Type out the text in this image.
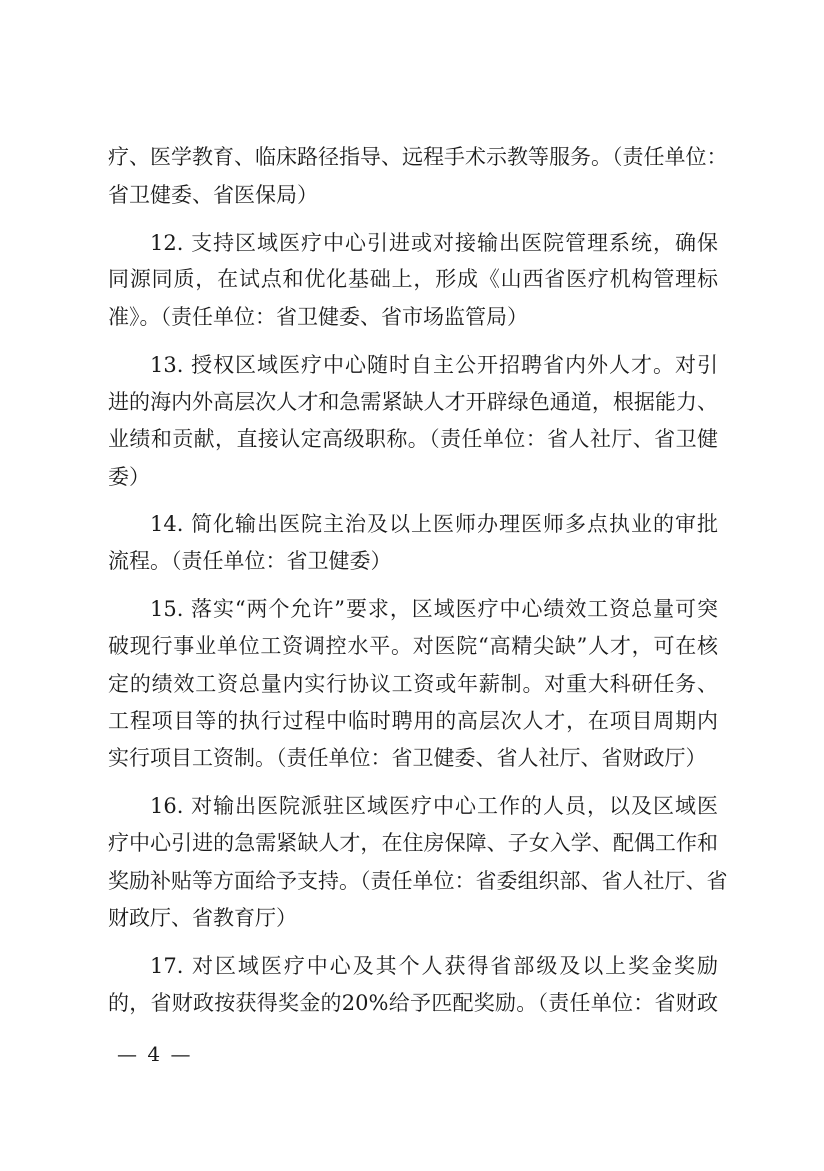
疗、医学教育、临床路径指导、远程手术示教等服务。（责任单位：
省卫健委、省医保局）
12. 支持区域医疗中心引进或对接输出医院管理系统，确保
同源同质，在试点和优化基础上，形成《山西省医疗机构管理标
准》。（责任单位：省卫健委、省市场监管局）
13. 授权区域医疗中心随时自主公开招聘省内外人才。对引
进的海内外高层次人才和急需紧缺人才开辟绿色通道，根据能力、
业绩和贡献，直接认定高级职称。（责任单位：省人社厅、省卫健
委）
14. 简化输出医院主治及以上医师办理医师多点执业的审批
流程。（责任单位：省卫健委）
15. 落实“两个允许”要求，区域医疗中心绩效工资总量可突
破现行事业单位工资调控水平。对医院“高精尖缺”人才，可在核
定的绩效工资总量内实行协议工资或年薪制。对重大科研任务、
工程项目等的执行过程中临时聘用的高层次人才，在项目周期内
实行项目工资制。（责任单位：省卫健委、省人社厅、省财政厅）
16. 对输出医院派驻区域医疗中心工作的人员，以及区域医
疗中心引进的急需紧缺人才，在住房保障、子女入学、配偶工作和
奖励补贴等方面给予支持。（责任单位：省委组织部、省人社厅、省
财政厅、省教育厅）
17. 对区域医疗中心及其个人获得省部级及以上奖金奖励
的，省财政按获得奖金的20%给予匹配奖励。（责任单位：省财政
— 4 —
